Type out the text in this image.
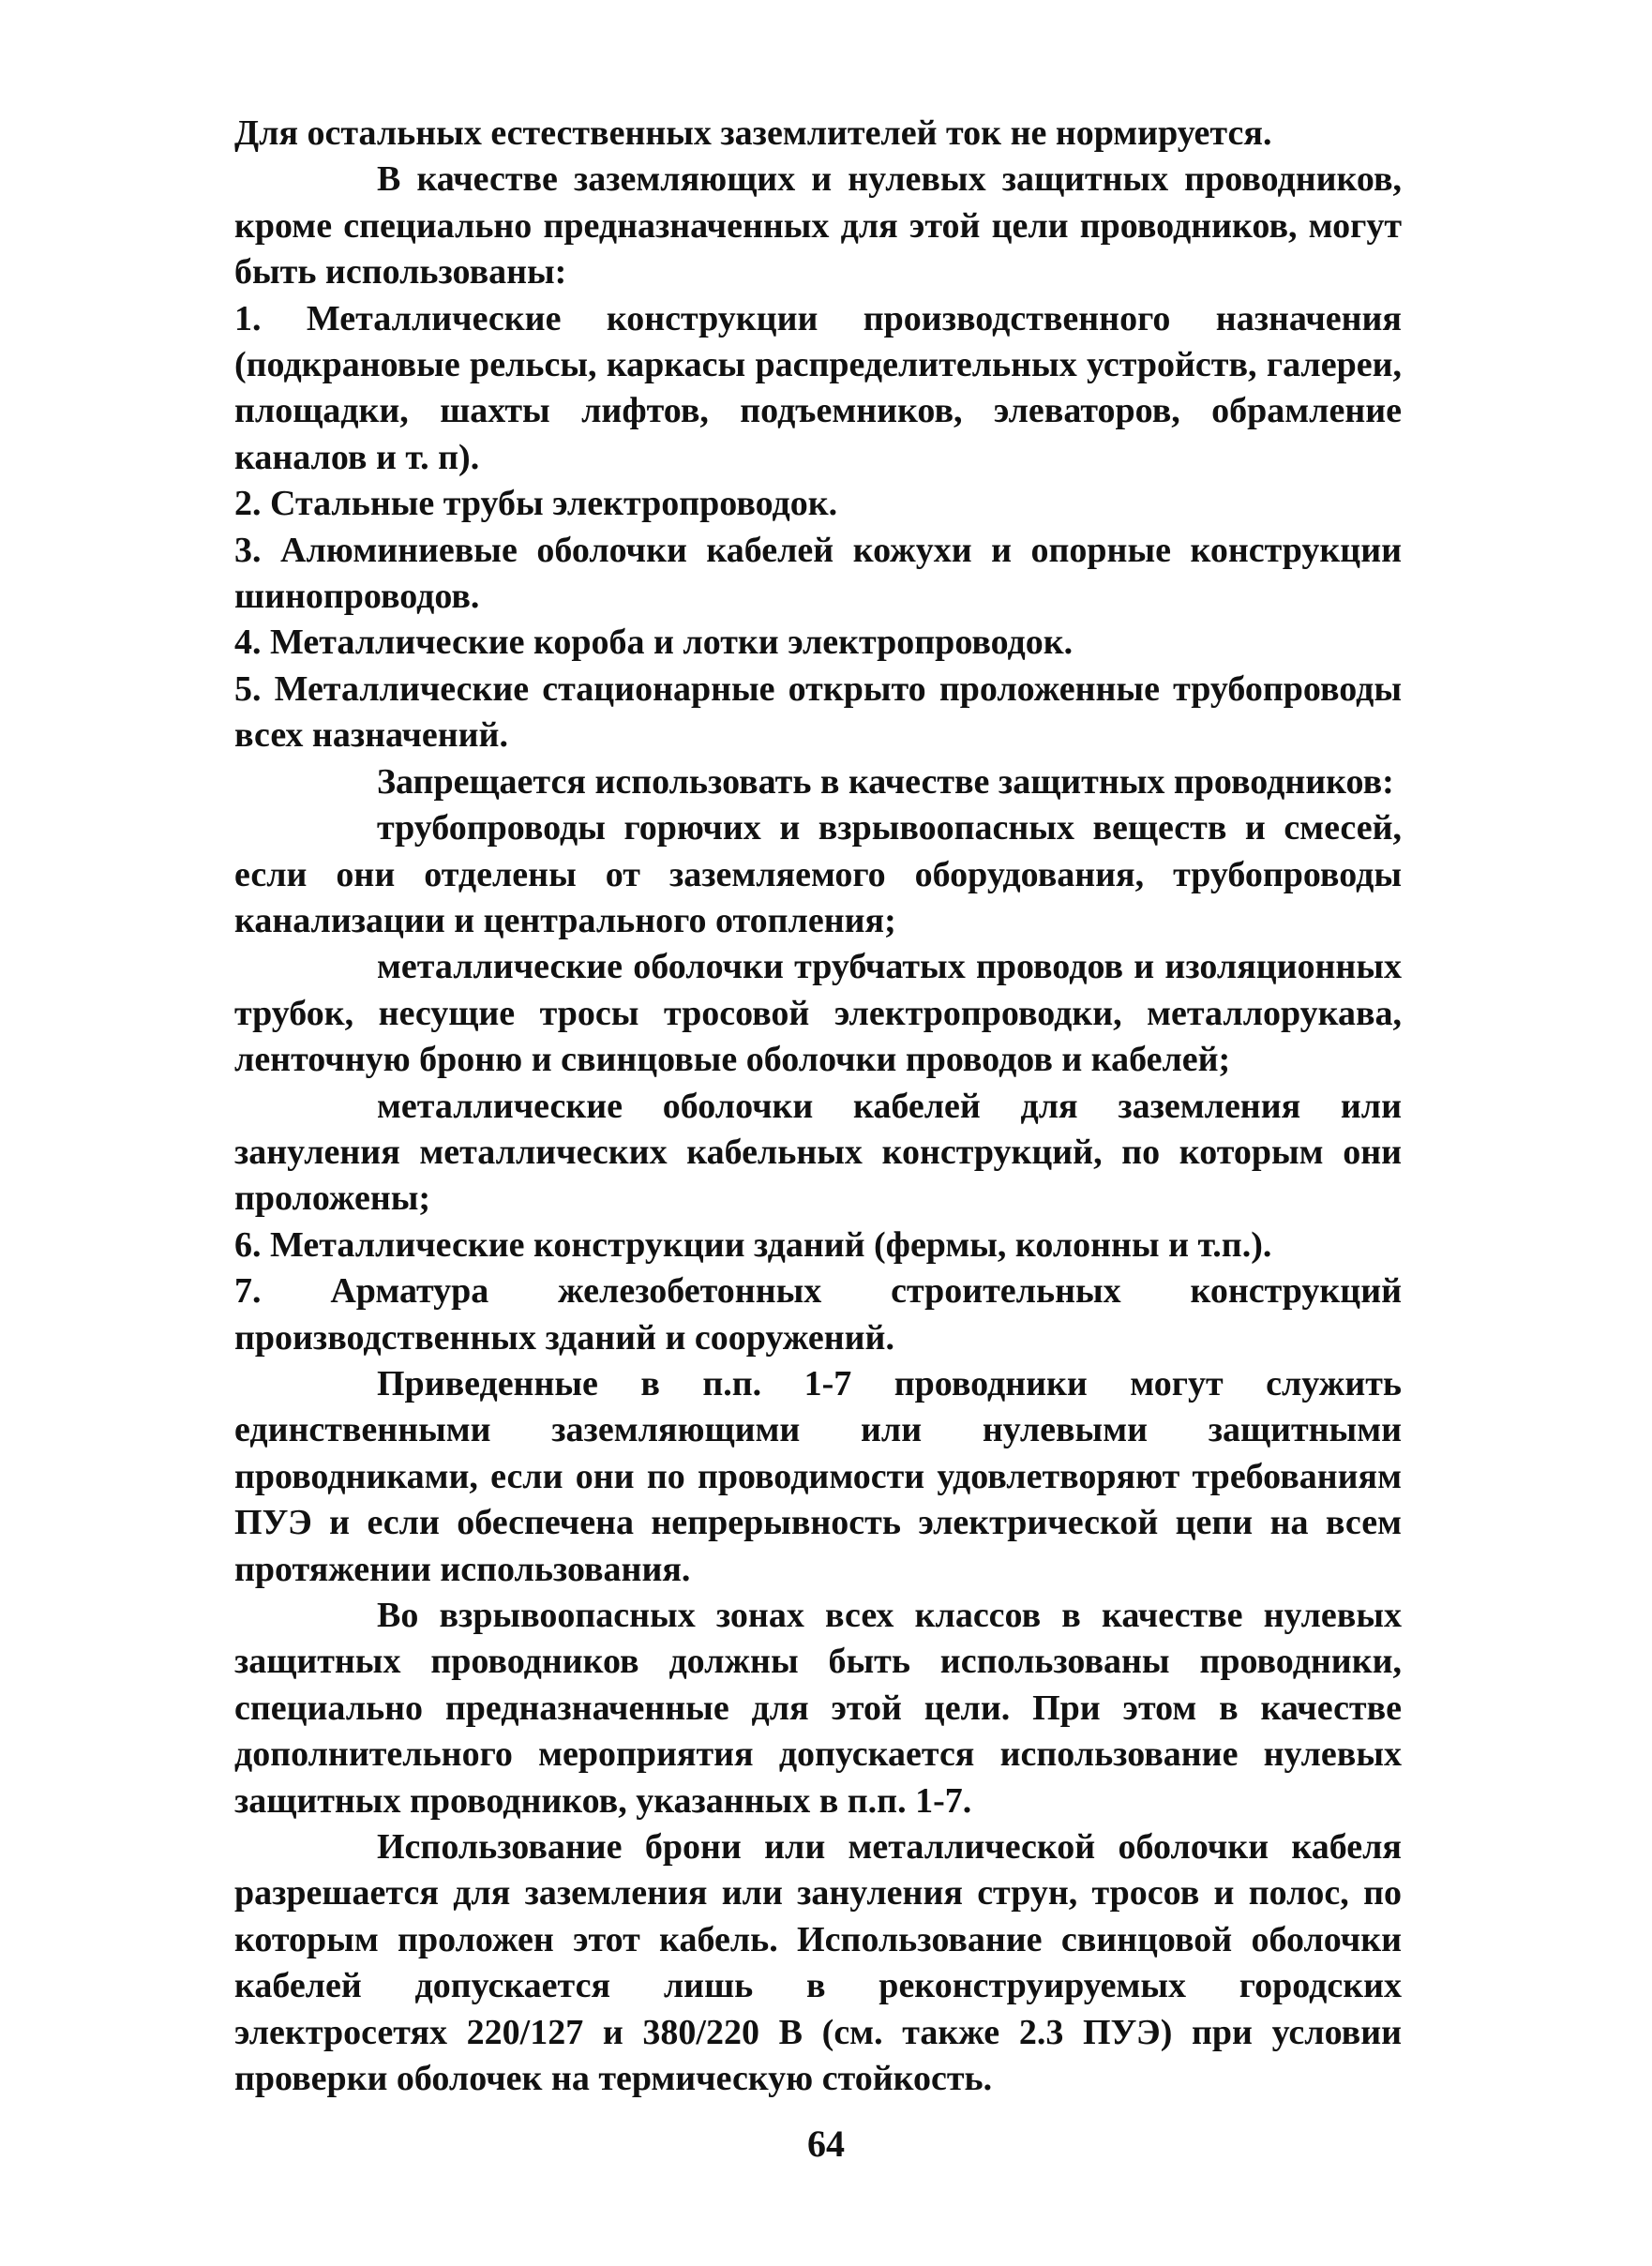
Для остальных естественных заземлителей ток не нормируется.

В качестве заземляющих и нулевых защитных проводников, кроме специально предназначенных для этой цели проводников, могут быть использованы:

1. Металлические конструкции производственного назначения (подкрановые рельсы, каркасы распределительных устройств, галереи, площадки, шахты лифтов, подъемников, элеваторов, обрамление каналов и т. п).

2. Стальные трубы электропроводок.

3. Алюминиевые оболочки кабелей кожухи и опорные конструкции шинопроводов.

4. Металлические короба и лотки электропроводок.

5. Металлические стационарные открыто проложенные трубопроводы всех назначений.

Запрещается использовать в качестве защитных проводников:

трубопроводы горючих и взрывоопасных веществ и смесей, если они отделены от заземляемого оборудования, трубопроводы канализации и центрального отопления;

металлические оболочки трубчатых проводов и изоляционных трубок, несущие тросы тросовой электропроводки, металлорукава, ленточную броню и свинцовые оболочки проводов и кабелей;

металлические оболочки кабелей для заземления или зануления металлических кабельных конструкций, по которым они проложены;

6. Металлические конструкции зданий (фермы, колонны и т.п.).

7. Арматура железобетонных строительных конструкций производственных зданий и сооружений.

Приведенные в п.п. 1-7 проводники могут служить единственными заземляющими или нулевыми защитными проводниками, если они по проводимости удовлетворяют требованиям ПУЭ и если обеспечена непрерывность электрической цепи на всем протяжении использования.

Во взрывоопасных зонах всех классов в качестве нулевых защитных проводников должны быть использованы проводники, специально предназначенные для этой цели. При этом в качестве дополнительного мероприятия допускается использование нулевых защитных проводников, указанных в п.п. 1-7.

Использование брони или металлической оболочки кабеля разрешается для заземления или зануления струн, тросов и полос, по которым проложен этот кабель. Использование свинцовой оболочки кабелей допускается лишь в реконструируемых городских электросетях 220/127 и 380/220 В (см. также 2.3 ПУЭ) при условии проверки оболочек на термическую стойкость.

64
